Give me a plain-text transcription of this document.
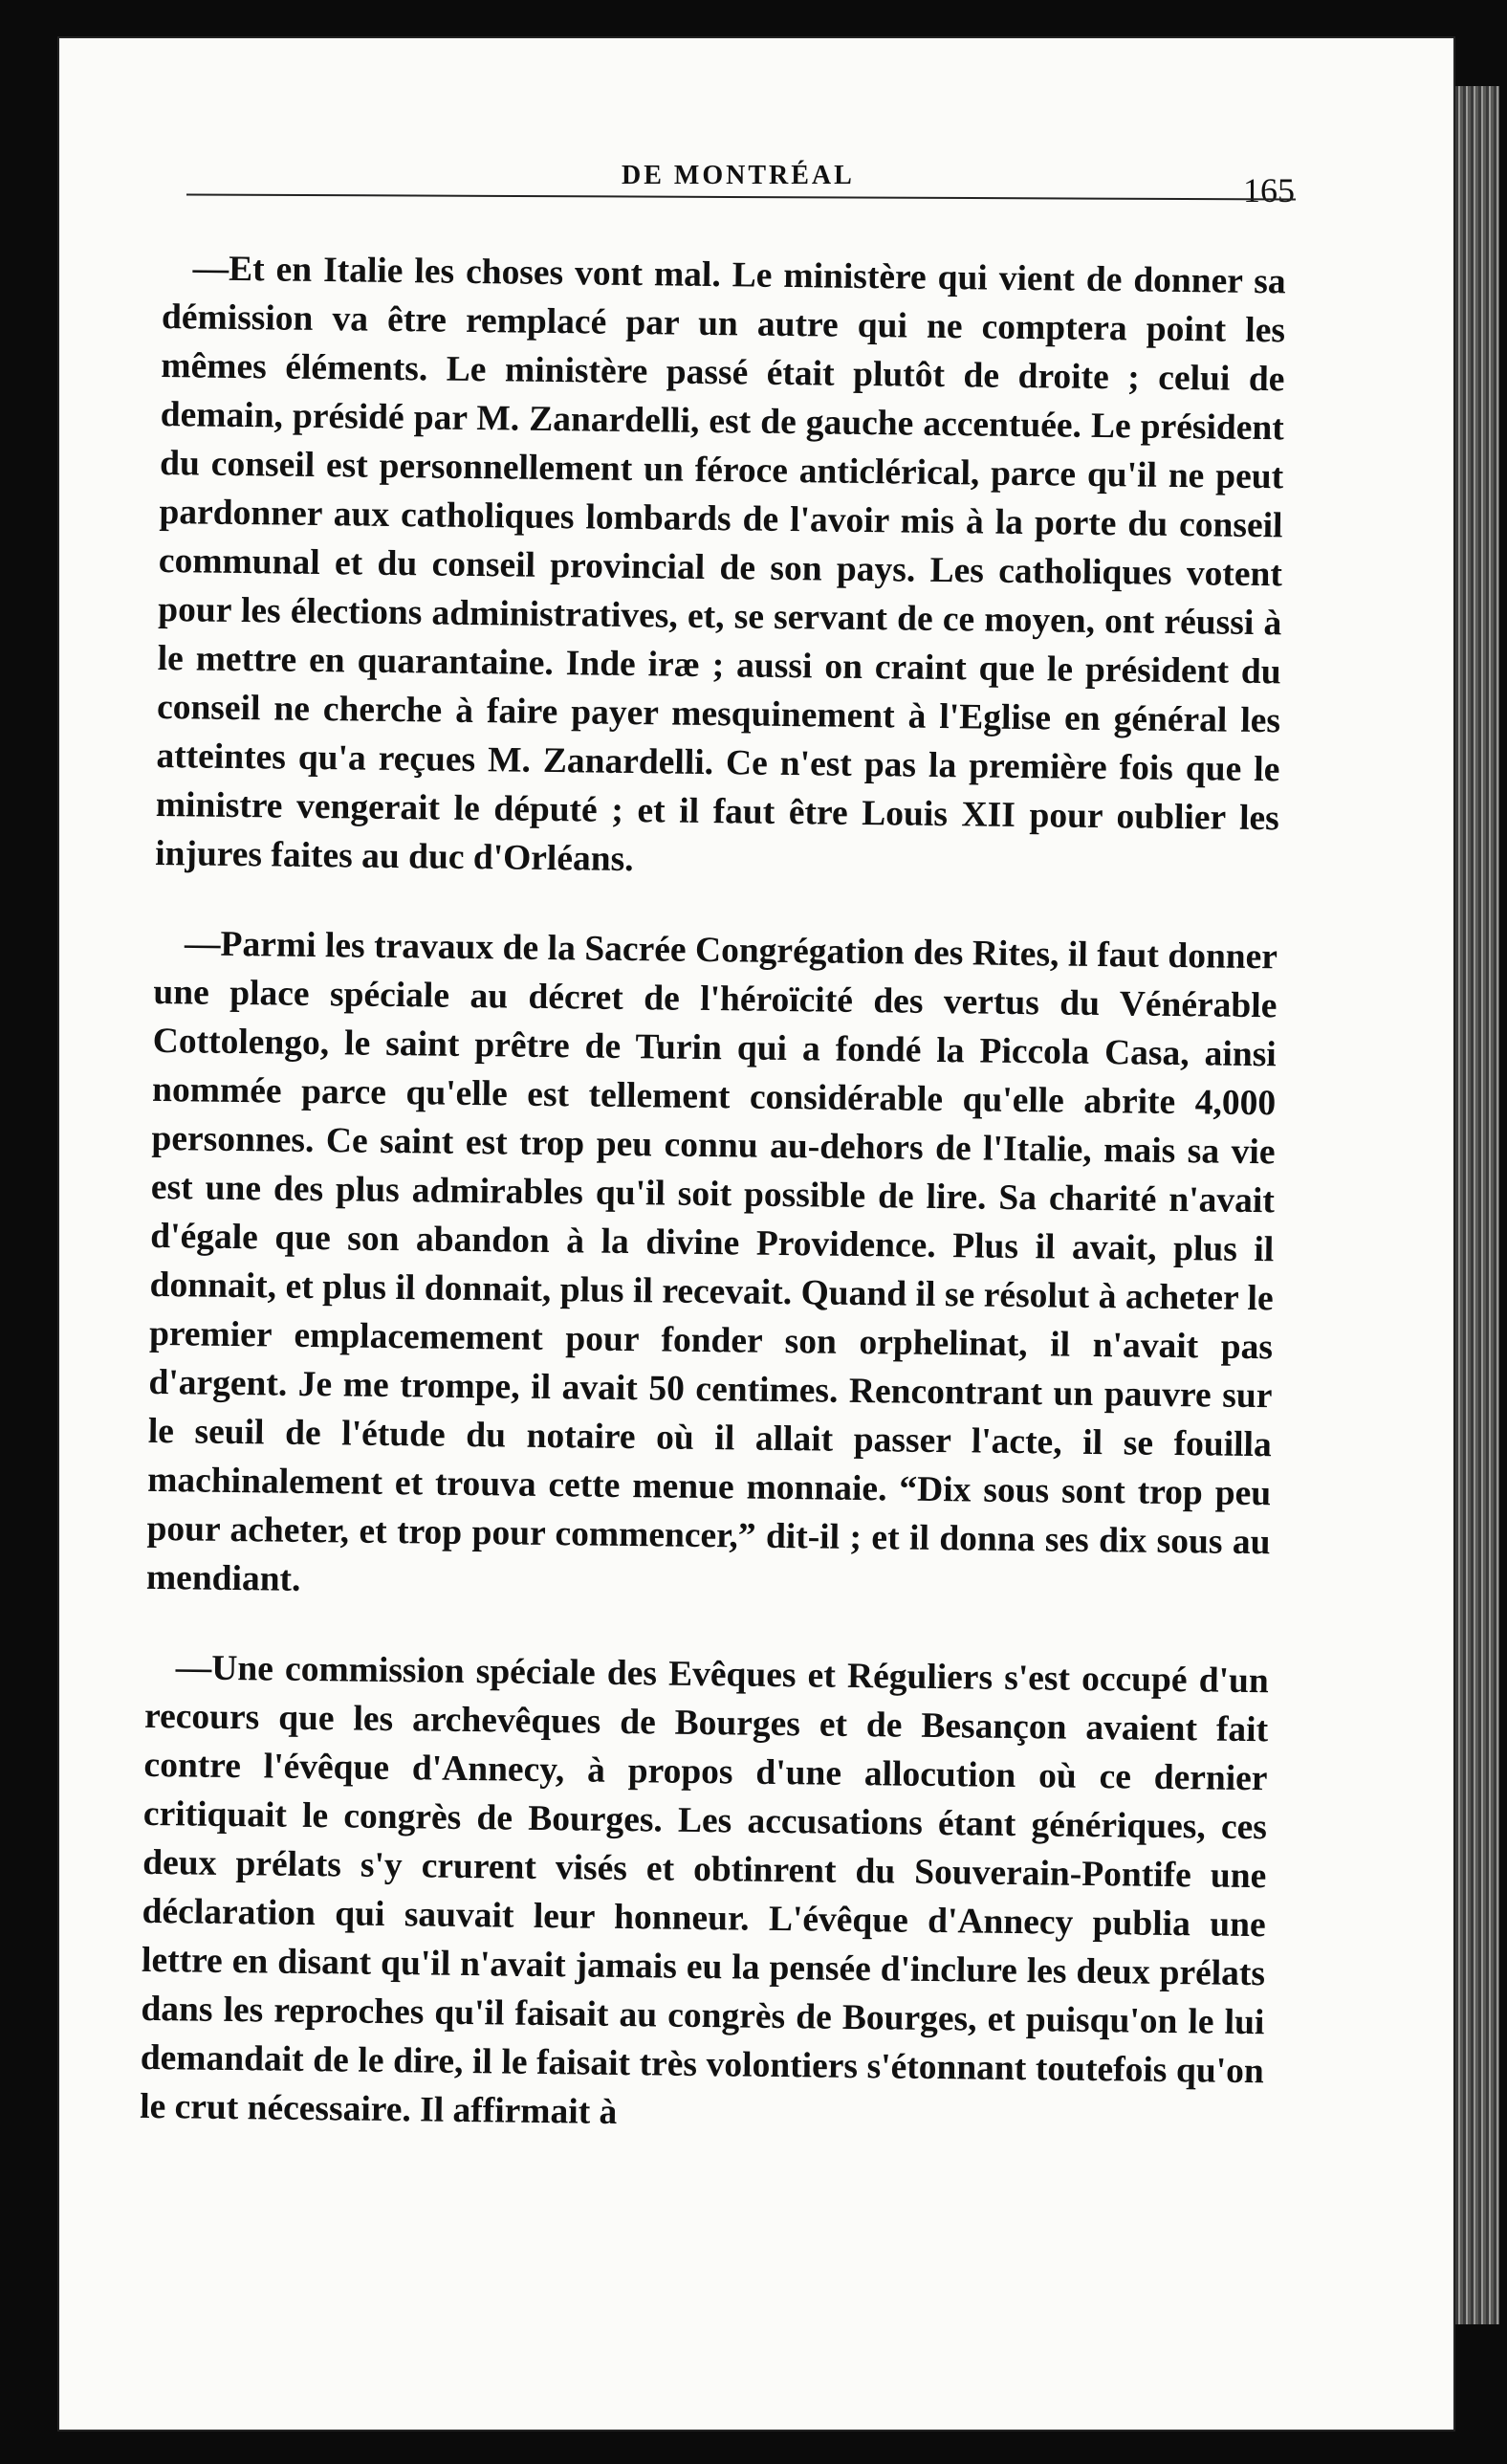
DE MONTRÉAL	165

—Et en Italie les choses vont mal. Le ministère qui vient de donner sa démission va être remplacé par un autre qui ne comptera point les mêmes éléments. Le ministère passé était plutôt de droite ; celui de demain, présidé par M. Zanardelli, est de gauche accentuée. Le président du conseil est personnellement un féroce anticlérical, parce qu'il ne peut pardonner aux catholiques lombards de l'avoir mis à la porte du conseil communal et du conseil provincial de son pays. Les catholiques votent pour les élections administratives, et, se servant de ce moyen, ont réussi à le mettre en quarantaine. Inde iræ ; aussi on craint que le président du conseil ne cherche à faire payer mesquinement à l'Eglise en général les atteintes qu'a reçues M. Zanardelli. Ce n'est pas la première fois que le ministre vengerait le député ; et il faut être Louis XII pour oublier les injures faites au duc d'Orléans.

—Parmi les travaux de la Sacrée Congrégation des Rites, il faut donner une place spéciale au décret de l'héroïcité des vertus du Vénérable Cottolengo, le saint prêtre de Turin qui a fondé la Piccola Casa, ainsi nommée parce qu'elle est tellement considérable qu'elle abrite 4,000 personnes. Ce saint est trop peu connu au-dehors de l'Italie, mais sa vie est une des plus admirables qu'il soit possible de lire. Sa charité n'avait d'égale que son abandon à la divine Providence. Plus il avait, plus il donnait, et plus il donnait, plus il recevait. Quand il se résolut à acheter le premier emplacemement pour fonder son orphelinat, il n'avait pas d'argent. Je me trompe, il avait 50 centimes. Rencontrant un pauvre sur le seuil de l'étude du notaire où il allait passer l'acte, il se fouilla machinalement et trouva cette menue monnaie. “Dix sous sont trop peu pour acheter, et trop pour commencer,” dit-il ; et il donna ses dix sous au mendiant.

—Une commission spéciale des Evêques et Réguliers s'est occupé d'un recours que les archevêques de Bourges et de Besançon avaient fait contre l'évêque d'Annecy, à propos d'une allocution où ce dernier critiquait le congrès de Bourges. Les accusations étant génériques, ces deux prélats s'y crurent visés et obtinrent du Souverain-Pontife une déclaration qui sauvait leur honneur. L'évêque d'Annecy publia une lettre en disant qu'il n'avait jamais eu la pensée d'inclure les deux prélats dans les reproches qu'il faisait au congrès de Bourges, et puisqu'on le lui demandait de le dire, il le faisait très volontiers s'étonnant toutefois qu'on le crut nécessaire. Il affirmait à
